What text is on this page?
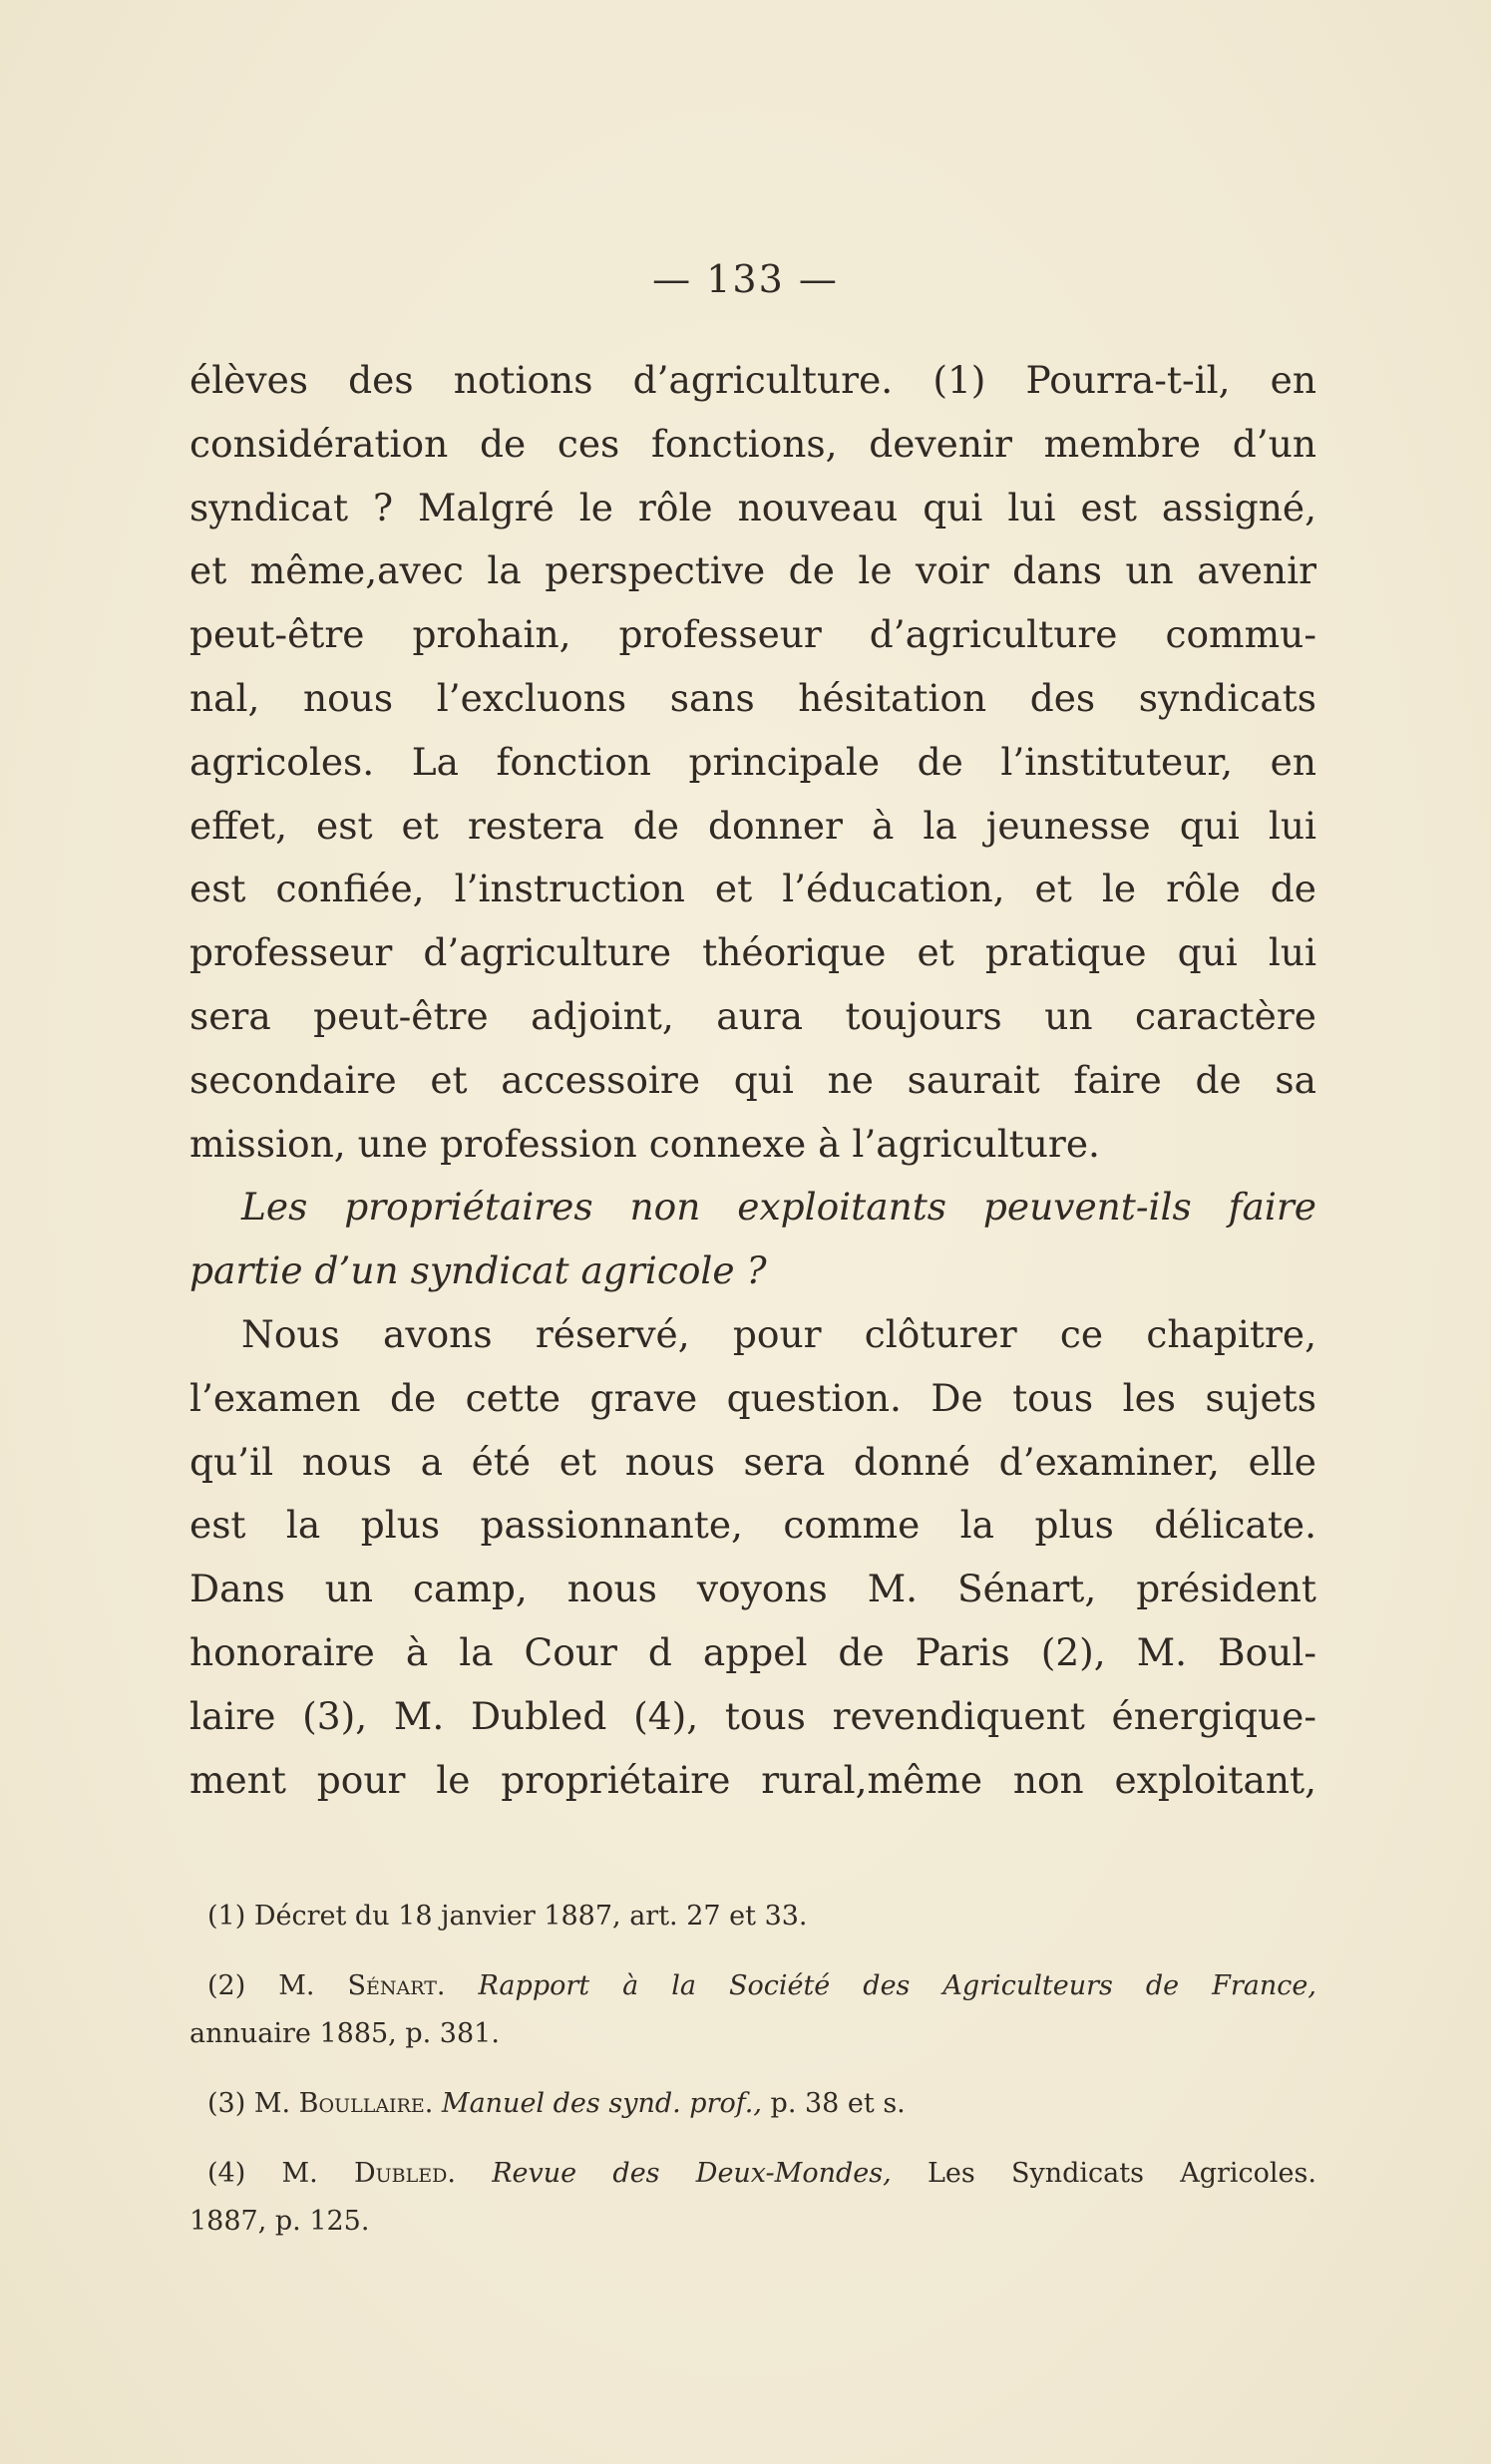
— 133 —
élèves des notions d’agriculture. (1) Pourra-t-il, en
considération de ces fonctions, devenir membre d’un
syndicat ? Malgré le rôle nouveau qui lui est assigné,
et même,avec la perspective de le voir dans un avenir
peut-être prohain, professeur d’agriculture commu-
nal, nous l’excluons sans hésitation des syndicats
agricoles. La fonction principale de l’instituteur, en
effet, est et restera de donner à la jeunesse qui lui
est confiée, l’instruction et l’éducation, et le rôle de
professeur d’agriculture théorique et pratique qui lui
sera peut-être adjoint, aura toujours un caractère
secondaire et accessoire qui ne saurait faire de sa
mission, une profession connexe à l’agriculture.
Les propriétaires non exploitants peuvent-ils faire
partie d’un syndicat agricole ?
Nous avons réservé, pour clôturer ce chapitre,
l’examen de cette grave question. De tous les sujets
qu’il nous a été et nous sera donné d’examiner, elle
est la plus passionnante, comme la plus délicate.
Dans un camp, nous voyons M. Sénart, président
honoraire à la Cour d appel de Paris (2), M. Boul-
laire (3), M. Dubled (4), tous revendiquent énergique-
ment pour le propriétaire rural,même non exploitant,
(1) Décret du 18 janvier 1887, art. 27 et 33.
(2) M. Sénart. Rapport à la Société des Agriculteurs de France,
annuaire 1885, p. 381.
(3) M. Boullaire. Manuel des synd. prof., p. 38 et s.
(4) M. Dubled. Revue des Deux-Mondes, Les Syndicats Agricoles.
1887, p. 125.
